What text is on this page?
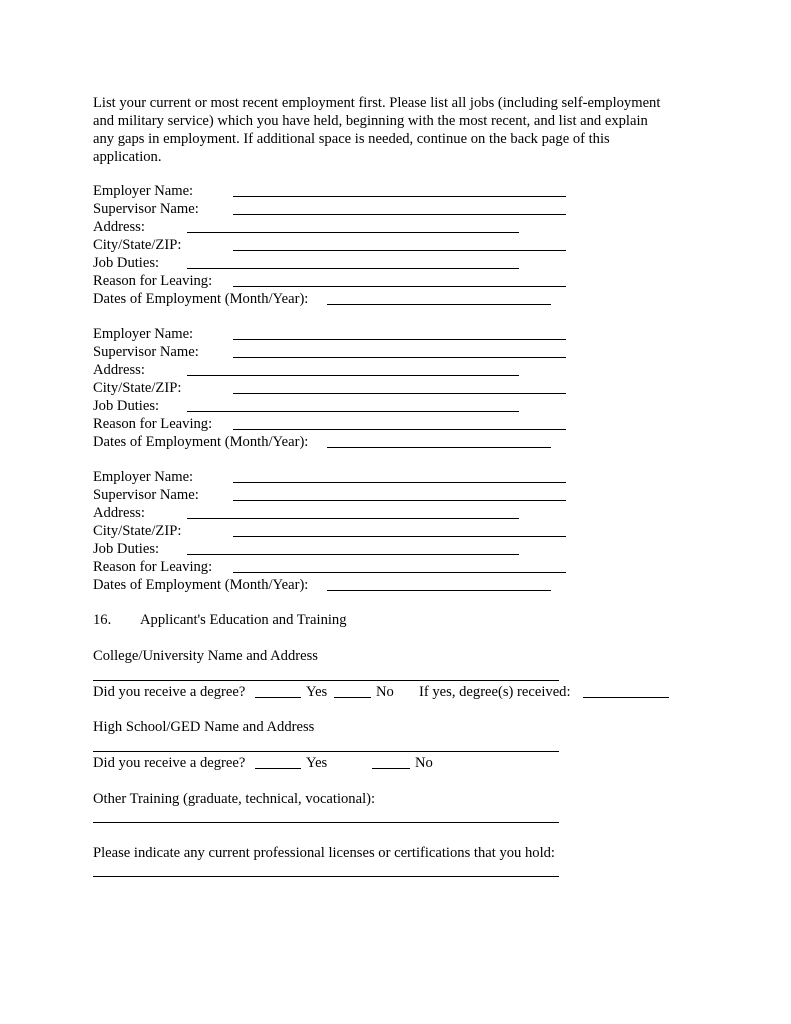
List your current or most recent employment first. Please list all jobs (including self-employment
and military service) which you have held, beginning with the most recent, and list and explain
any gaps in employment. If additional space is needed, continue on the back page of this
application.
Employer Name:
Supervisor Name:
Address:
City/State/ZIP:
Job Duties:
Reason for Leaving:
Dates of Employment (Month/Year):
Employer Name:
Supervisor Name:
Address:
City/State/ZIP:
Job Duties:
Reason for Leaving:
Dates of Employment (Month/Year):
Employer Name:
Supervisor Name:
Address:
City/State/ZIP:
Job Duties:
Reason for Leaving:
Dates of Employment (Month/Year):
16. Applicant's Education and Training
College/University Name and Address
Did you receive a degree?	Yes	No If yes, degree(s) received:
High School/GED Name and Address
Did you receive a degree?	Yes	No
Other Training (graduate, technical, vocational):
Please indicate any current professional licenses or certifications that you hold:
